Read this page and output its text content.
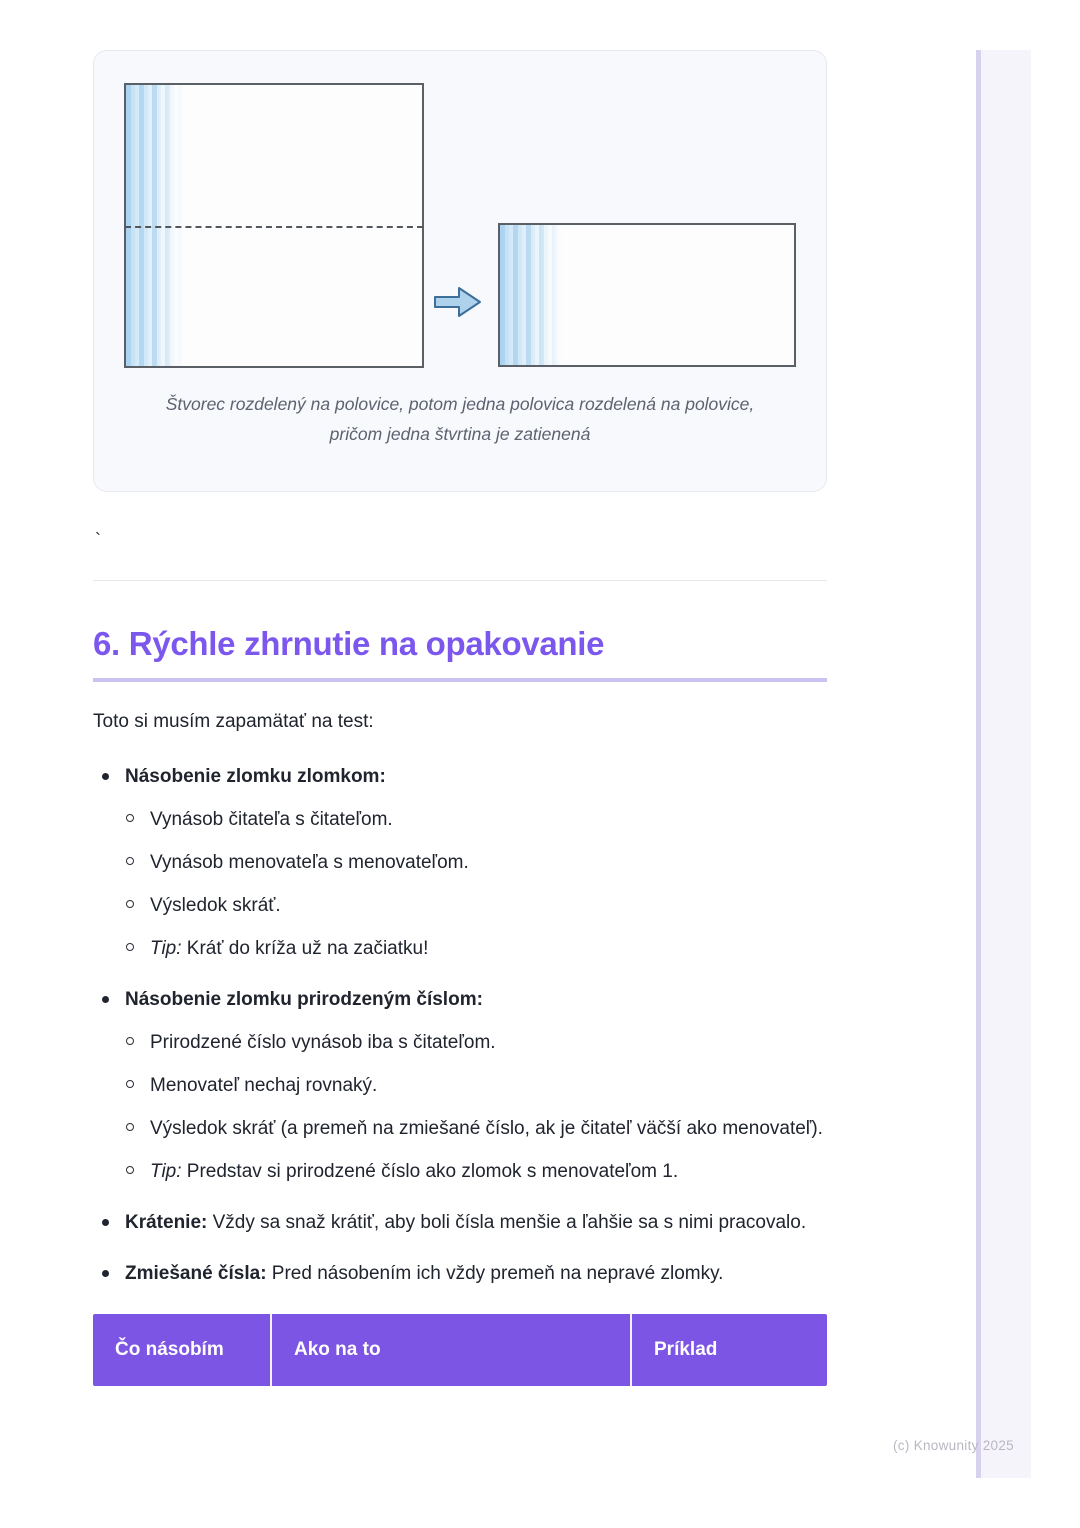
Štvorec rozdelený na polovice, potom jedna polovica rozdelená na polovice, pričom jedna štvrtina je zatienená
`
6. Rýchle zhrnutie na opakovanie

Toto si musím zapamätať na test:

Násobenie zlomku zlomkom:
Vynásob čitateľa s čitateľom.
Vynásob menovateľa s menovateľom.
Výsledok skráť.
Tip: Kráť do kríža už na začiatku!
Násobenie zlomku prirodzeným číslom:
Prirodzené číslo vynásob iba s čitateľom.
Menovateľ nechaj rovnaký.
Výsledok skráť (a premeň na zmiešané číslo, ak je čitateľ väčší ako menovateľ).
Tip: Predstav si prirodzené číslo ako zlomok s menovateľom 1.
Krátenie: Vždy sa snaž krátiť, aby boli čísla menšie a ľahšie sa s nimi pracovalo.
Zmiešané čísla: Pred násobením ich vždy premeň na nepravé zlomky.
Čo násobím	Ako na to	Príklad
(c) Knowunity 2025
